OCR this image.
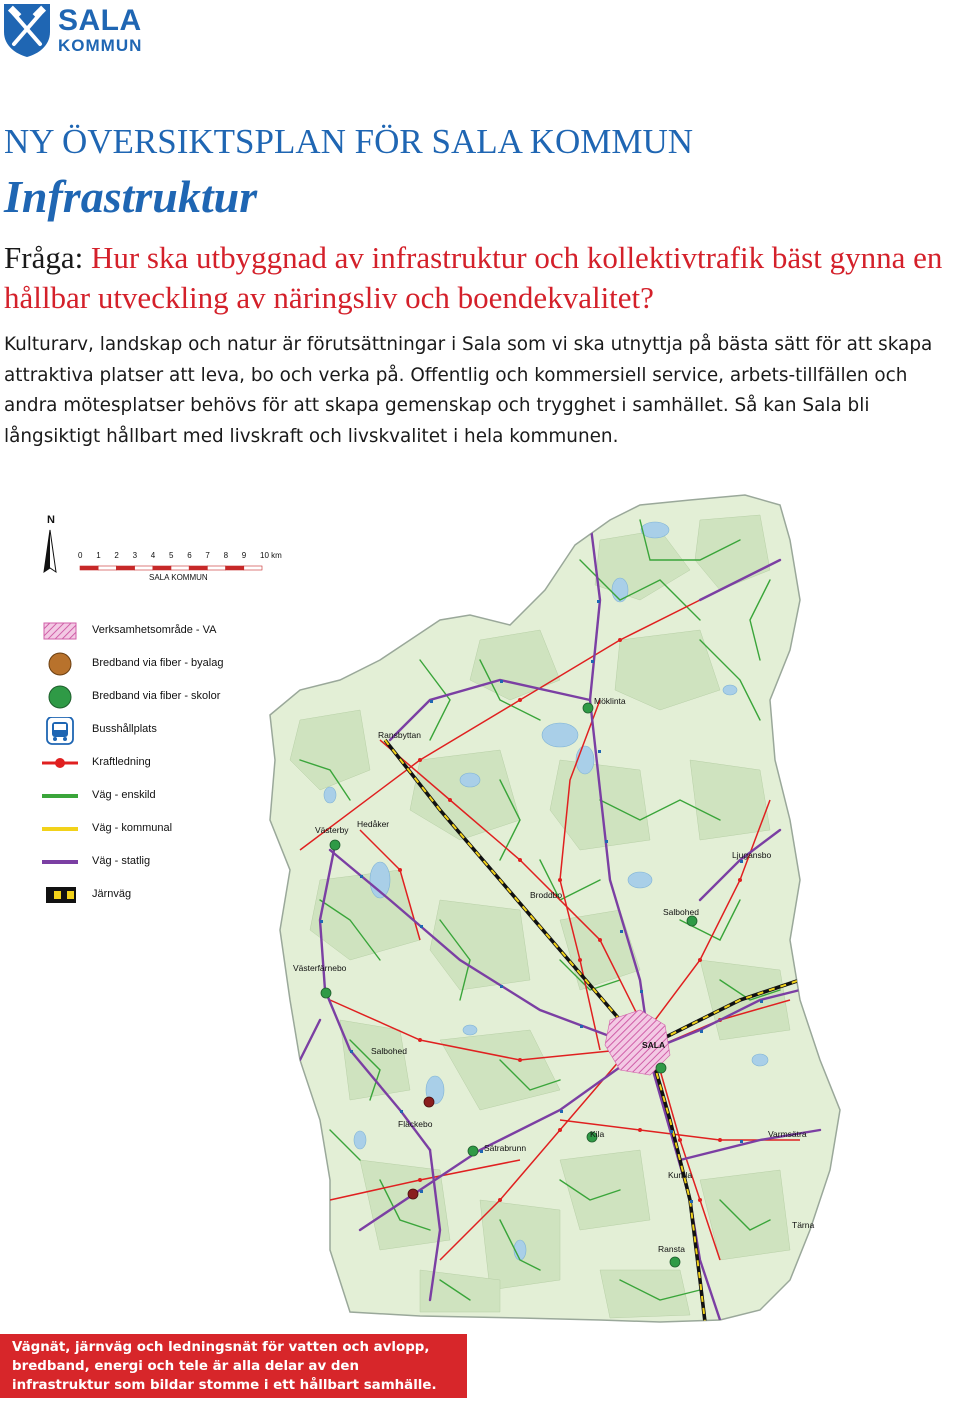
SALA
KOMMUN
NY ÖVERSIKTSPLAN FÖR SALA KOMMUN
Infrastruktur
Fråga: Hur ska utbyggnad av infrastruktur och kollektivtrafik bäst gynna en hållbar utveckling av näringsliv och boendekvalitet?
Kulturarv, landskap och natur är förutsättningar i Sala som vi ska utnyttja på bästa sätt för att skapa attraktiva platser att leva, bo och verka på. Offentlig och kommersiell service, arbets-tillfällen och andra mötesplatser behövs för att skapa gemenskap och trygghet i samhället. Så kan Sala bli långsiktigt hållbart med livskraft och livskvalitet i hela kommunen.
Möklinta
Ransbyttan
Västerby
Hedåker
Ljugansbo
Broddbo
Salbohed
Västerfärnebo
SALA
Salbohed
Fläckebo
Kila	Varmsätra
Sätrabrunn
Kumla
Tärna
Ransta
N
0 1 2 3 4 5 6 7 8 9 10 km
SALA KOMMUN
Verksamhetsområde - VA
Bredband via fiber - byalag
Bredband via fiber - skolor
Busshållplats
Kraftledning
Väg - enskild
Väg - kommunal
Väg - statlig
Järnväg
Vägnät, järnväg och ledningsnät för vatten och avlopp, bredband, energi och tele är alla delar av den infrastruktur som bildar stomme i ett hållbart samhälle.
